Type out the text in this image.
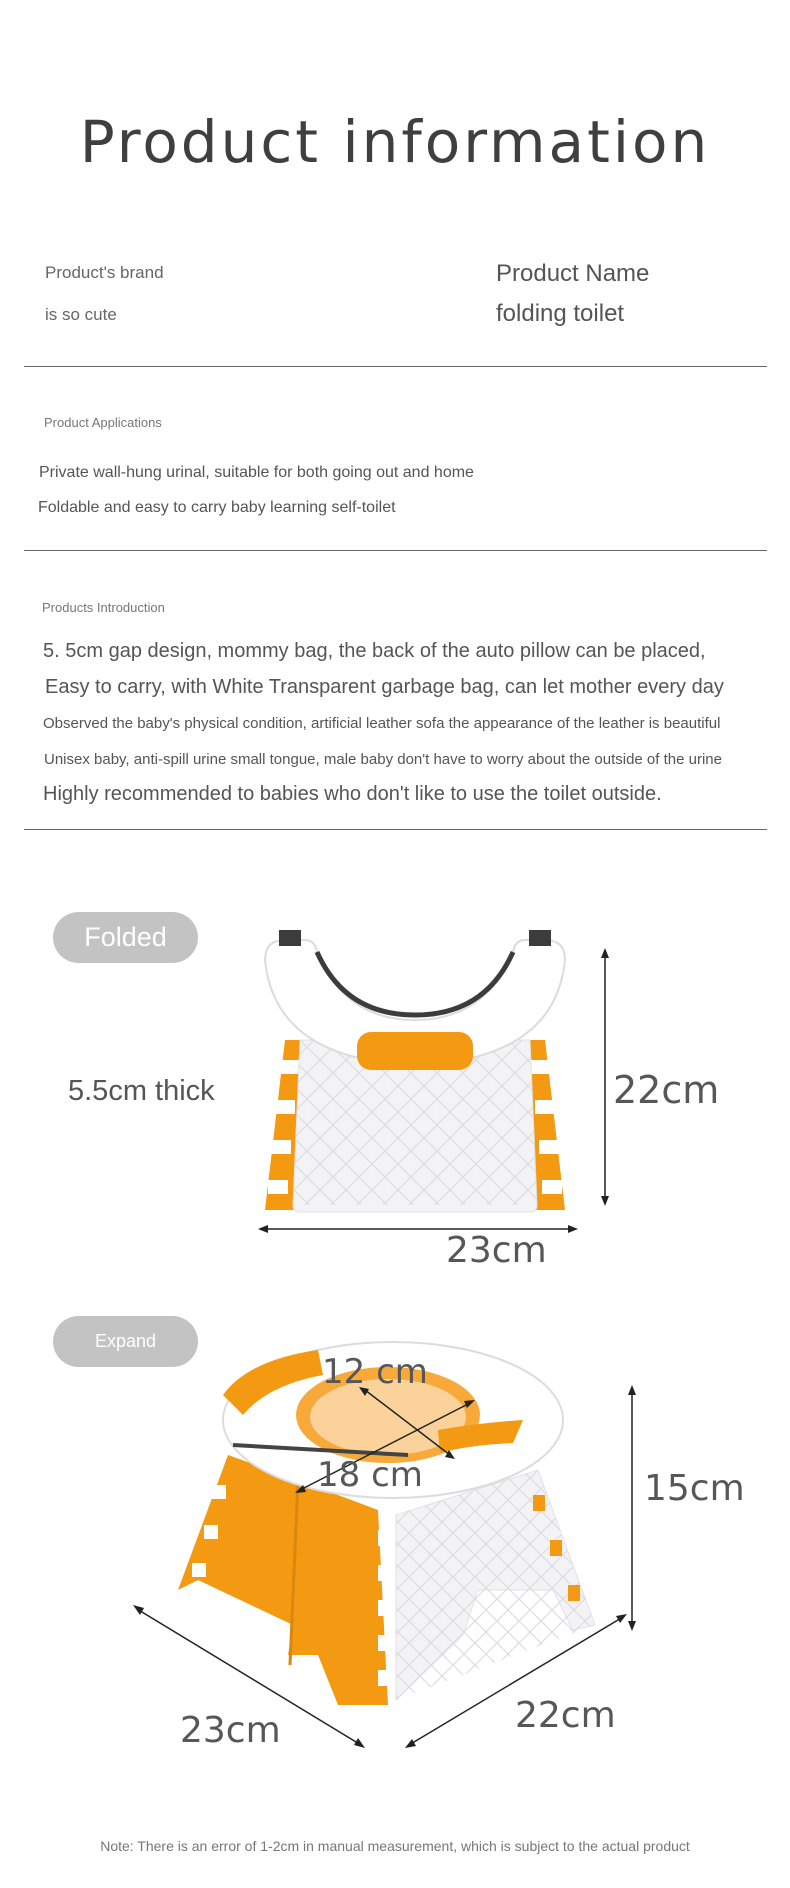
Product information
Product's brand
is so cute
Product Name
folding toilet
Product Applications
Private wall-hung urinal, suitable for both going out and home
Foldable and easy to carry baby learning self-toilet
Products Introduction
5. 5cm gap design, mommy bag, the back of the auto pillow can be placed,
Easy to carry, with White Transparent garbage bag, can let mother every day
Observed the baby's physical condition, artificial leather sofa the appearance of the leather is beautiful
Unisex baby, anti-spill urine small tongue, male baby don't have to worry about the outside of the urine
Highly recommended to babies who don't like to use the toilet outside.
Folded
5.5cm thick	22cm
23cm
Expand
12 cm
18 cm	15cm
23cm	22cm
Note: There is an error of 1-2cm in manual measurement, which is subject to the actual product
